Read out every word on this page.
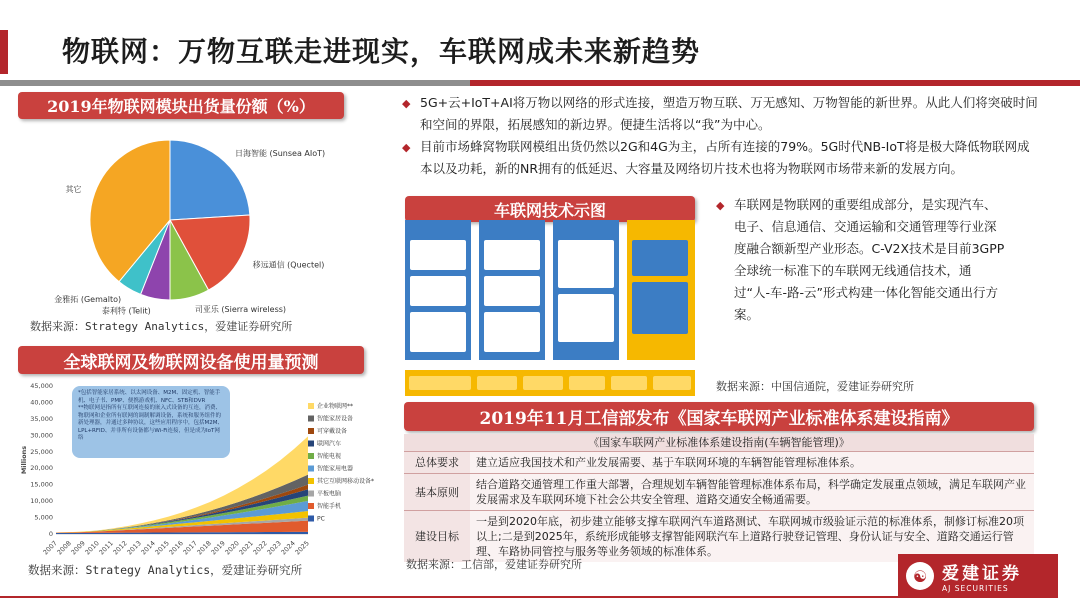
物联网：万物互联走进现实，车联网成未来新趋势
2019年物联网模块出货量份额（%）
日海智能 (Sunsea AIoT)
移远通信 (Quectel)
司亚乐 (Sierra wireless)
泰利特 (Telit)
金雅拓 (Gemalto)
其它
数据来源：Strategy Analytics，爱建证券研究所
全球联网及物联网设备使用量预测
0
5,000
10,000
15,000
20,000
25,000
30,000
35,000
40,000
45,000
2007
2008
2009
2010
2011
2012
2013
2014
2015
2016
2017
2018
2019
2020
2021
2022
2023
2024
2025
Millions
企业物联网**
智能家居设备
可穿戴设备
联网汽车
智能电视
智能家用电器
其它互联网移动设备*
平板电脑
智能手机
PC
*包括智能家居系统、以太网设备、M2M、固定机、智能手机、电子书、PMP、便携游戏机、NFC、STB和DVR
**物联网是指所有互联网连接的嵌入式设备的互连，消费、物联网和企业所有联网的调制解调设备，系统和服务组件的新处理器，并通过多种协议，这些应用程序中，包括M2M、LPL+RFID、并非所有设备都与Wi-Fi连接，但是成为IoT网络
数据来源：Strategy Analytics，爱建证券研究所
◆ 5G+云+IoT+AI将万物以网络的形式连接，塑造万物互联、万无感知、万物智能的新世界。从此人们将突破时间和空间的界限，拓展感知的新边界。便捷生活将以“我”为中心。
◆ 目前市场蜂窝物联网模组出货仍然以2G和4G为主，占所有连接的79%。5G时代NB-IoT将是极大降低物联网成本以及功耗，新的NR拥有的低延迟、大容量及网络切片技术也将为物联网市场带来新的发展方向。
车联网技术示图
数据来源：中国信通院，爱建证券研究所
◆ 车联网是物联网的重要组成部分，是实现汽车、电子、信息通信、交通运输和交通管理等行业深度融合额新型产业形态。C-V2X技术是目前3GPP全球统一标准下的车联网无线通信技术，通过“人-车-路-云”形式构建一体化智能交通出行方案。
2019年11月工信部发布《国家车联网产业标准体系建设指南》
《国家车联网产业标准体系建设指南(车辆智能管理)》	
总体要求	建立适应我国技术和产业发展需要、基于车联网环境的车辆智能管理标准体系。
基本原则	结合道路交通管理工作重大部署，合理规划车辆智能管理标准体系布局，科学确定发展重点领域，满足车联网产业发展需求及车联网环境下社会公共安全管理、道路交通安全畅通需要。
建设目标	一是到2020年底，初步建立能够支撑车联网汽车道路测试、车联网城市级验证示范的标准体系，制修订标准20项以上;二是到2025年，系统形成能够支撑智能网联汽车上道路行驶登记管理、身份认证与安全、道路交通运行管理、车路协同管控与服务等业务领域的标准体系。
数据来源：工信部，爱建证券研究所
☯ 爱建证券
AJ SECURITIES
